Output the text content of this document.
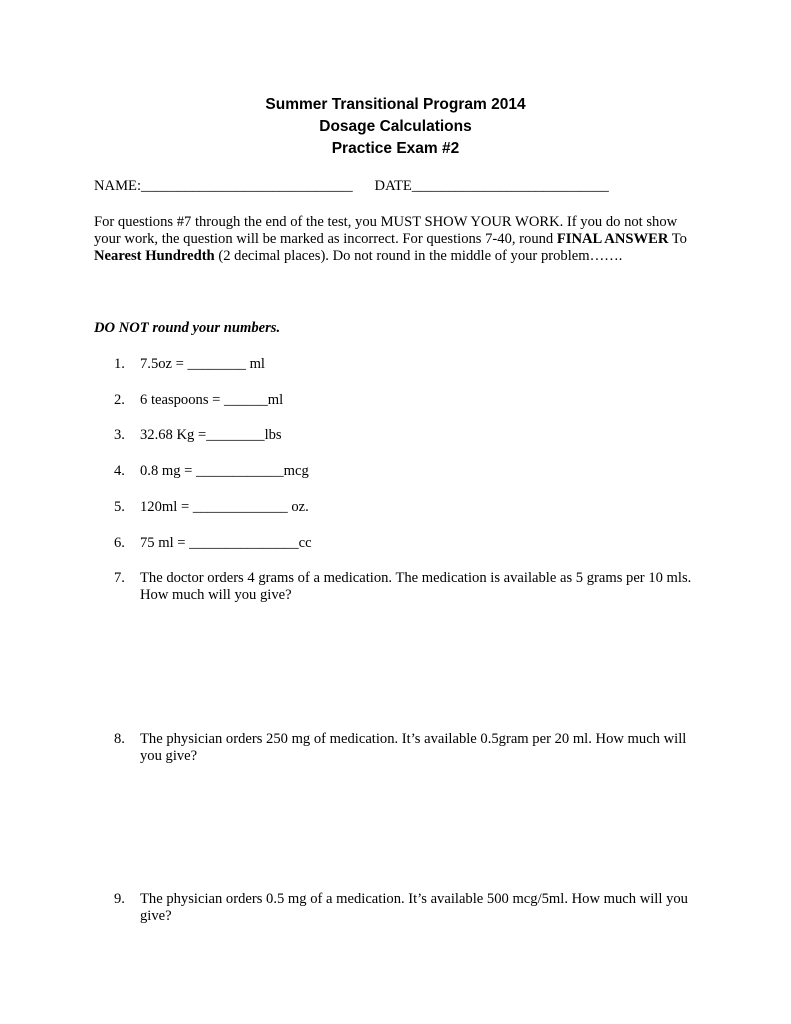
Summer Transitional Program 2014
Dosage Calculations
Practice Exam #2
NAME:_____________________________ DATE___________________________
For questions #7 through the end of the test, you MUST SHOW YOUR WORK. If you do not show your work, the question will be marked as incorrect. For questions 7-40, round FINAL ANSWER To Nearest Hundredth (2 decimal places). Do not round in the middle of your problem…….
DO NOT round your numbers.
1. 7.5oz = ________ ml
2. 6 teaspoons = ______ml
3. 32.68 Kg =________lbs
4. 0.8 mg = ____________mcg
5. 120ml = _____________ oz.
6. 75 ml = _______________cc
7. The doctor orders 4 grams of a medication. The medication is available as 5 grams per 10 mls. How much will you give?
8. The physician orders 250 mg of medication. It’s available 0.5gram per 20 ml. How much will you give?
9. The physician orders 0.5 mg of a medication. It’s available 500 mcg/5ml. How much will you give?
